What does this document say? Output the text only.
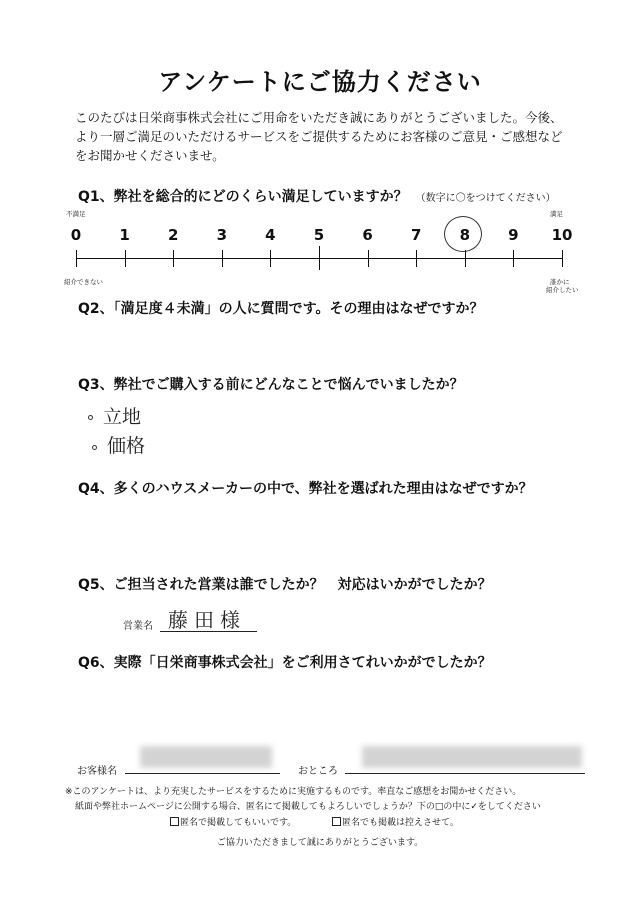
アンケートにご協力ください
このたびは日栄商事株式会社にご用命をいただき誠にありがとうございました。今後、
より一層ご満足のいただけるサービスをご提供するためにお客様のご意見・ご感想など
をお聞かせくださいませ。
Q1、弊社を総合的にどのくらい満足していますか？ （数字に〇をつけてください）
不満足	満足
0	1	2	3	4	5	6	7	8	9	10
紹介できない	誰かに
紹介したい
Q2、「満足度４未満」の人に質問です。その理由はなぜですか？
Q3、弊社でご購入する前にどんなことで悩んでいましたか？
立地
価格
Q4、多くのハウスメーカーの中で、弊社を選ばれた理由はなぜですか？
Q5、ご担当された営業は誰でしたか？　対応はいかがでしたか？
営業名 藤田様
Q6、実際「日栄商事株式会社」をご利用さてれいかがでしたか？
お客様名	おところ
※このアンケートは、より充実したサービスをするために実施するものです。率直なご感想をお聞かせください。
紙面や弊社ホームページに公開する場合、匿名にて掲載してもよろしいでしょうか？下の□の中に✓をしてください
匿名で掲載してもいいです。	匿名でも掲載は控えさせて。
ご協力いただきまして誠にありがとうございます。
